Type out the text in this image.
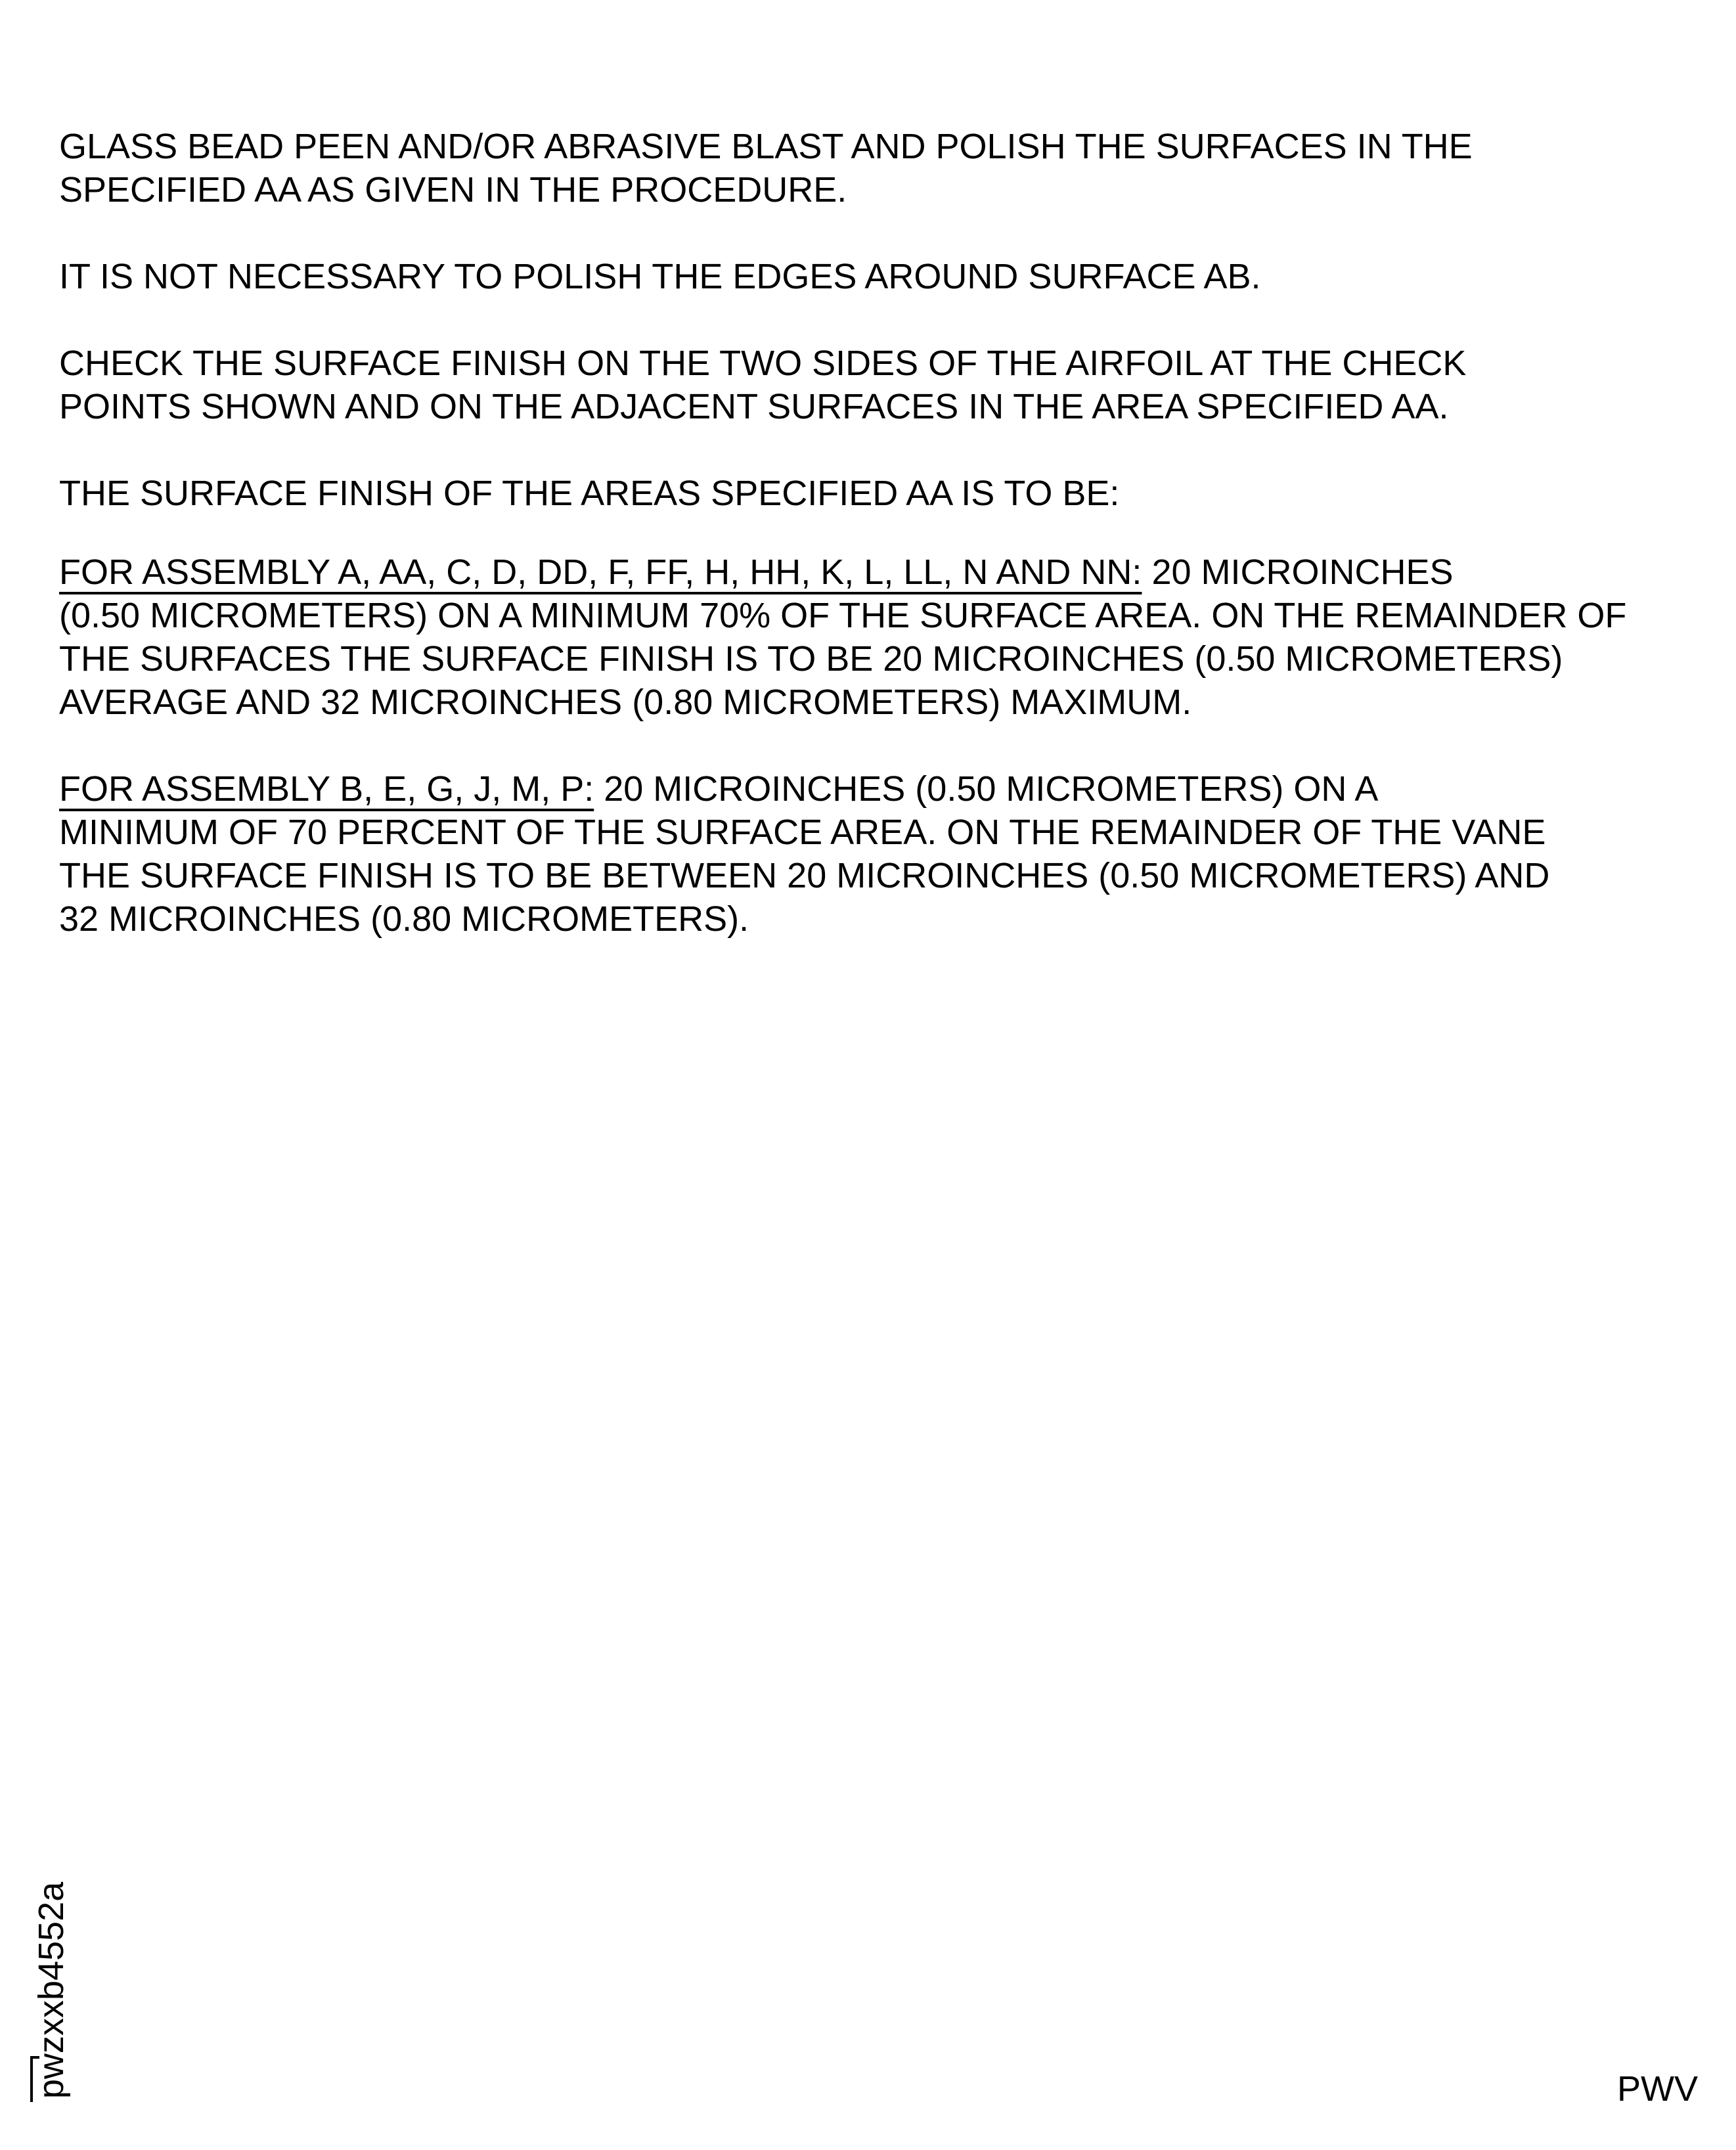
GLASS BEAD PEEN AND/OR ABRASIVE BLAST AND POLISH THE SURFACES IN THE
SPECIFIED AA AS GIVEN IN THE PROCEDURE.

IT IS NOT NECESSARY TO POLISH THE EDGES AROUND SURFACE AB.

CHECK THE SURFACE FINISH ON THE TWO SIDES OF THE AIRFOIL AT THE CHECK
POINTS SHOWN AND ON THE ADJACENT SURFACES IN THE AREA SPECIFIED AA.

THE SURFACE FINISH OF THE AREAS SPECIFIED AA IS TO BE:

FOR ASSEMBLY A, AA, C, D, DD, F, FF, H, HH, K, L, LL, N AND NN: 20 MICROINCHES
(0.50 MICROMETERS) ON A MINIMUM 70% OF THE SURFACE AREA. ON THE REMAINDER OF
THE SURFACES THE SURFACE FINISH IS TO BE 20 MICROINCHES (0.50 MICROMETERS)
AVERAGE AND 32 MICROINCHES (0.80 MICROMETERS) MAXIMUM.

FOR ASSEMBLY B, E, G, J, M, P: 20 MICROINCHES (0.50 MICROMETERS) ON A
MINIMUM OF 70 PERCENT OF THE SURFACE AREA. ON THE REMAINDER OF THE VANE
THE SURFACE FINISH IS TO BE BETWEEN 20 MICROINCHES (0.50 MICROMETERS) AND
32 MICROINCHES (0.80 MICROMETERS).

pwzxxb4552a	PWV
